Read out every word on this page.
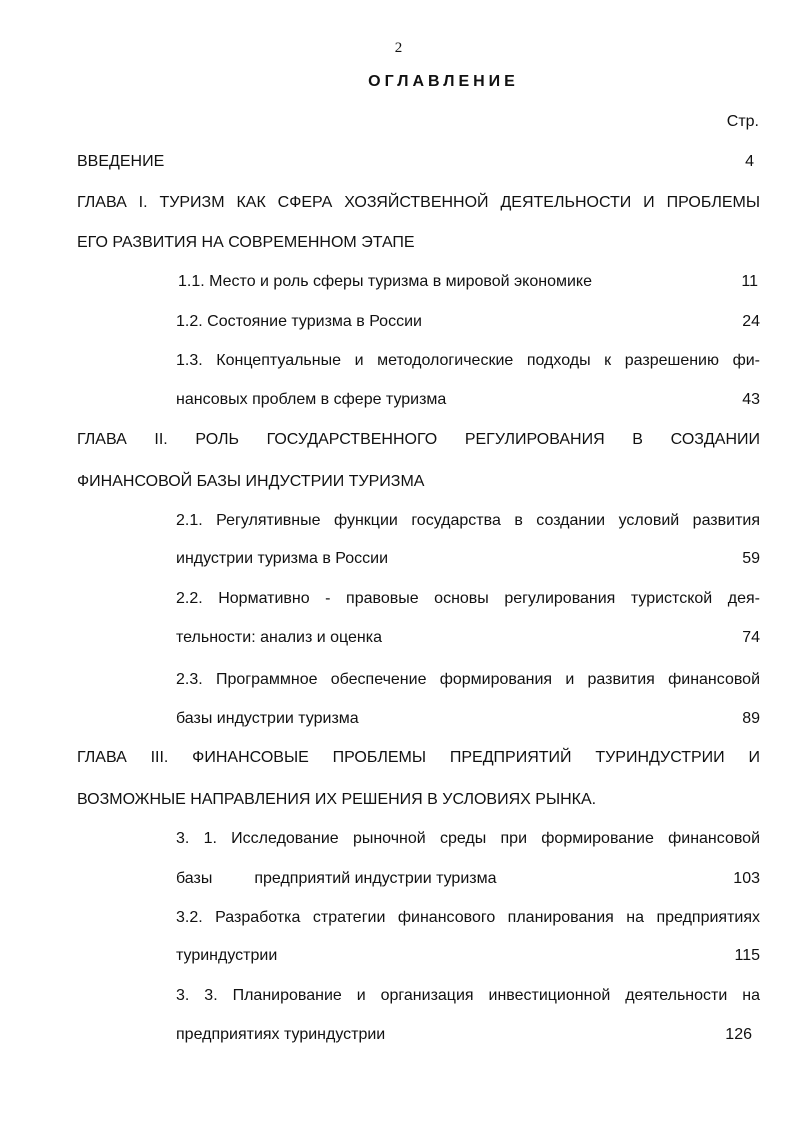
2
ОГЛАВЛЕНИЕ
Стр.
ВВЕДЕНИЕ	4
ГЛАВА I. ТУРИЗМ КАК СФЕРА ХОЗЯЙСТВЕННОЙ ДЕЯТЕЛЬНОСТИ И ПРОБЛЕМЫ
ЕГО РАЗВИТИЯ НА СОВРЕМЕННОМ ЭТАПЕ
1.1. Место и роль сферы туризма в мировой экономике	11
1.2. Состояние туризма в России	24
1.3. Концептуальные и методологические подходы к разрешению фи-
нансовых проблем в сфере туризма	43
ГЛАВА II. РОЛЬ ГОСУДАРСТВЕННОГО РЕГУЛИРОВАНИЯ В СОЗДАНИИ
ФИНАНСОВОЙ БАЗЫ ИНДУСТРИИ ТУРИЗМА
2.1. Регулятивные функции государства в создании условий развития
индустрии туризма в России	59
2.2. Нормативно - правовые основы регулирования туристской дея-
тельности: анализ и оценка	74
2.3. Программное обеспечение формирования и развития финансовой
базы индустрии туризма	89
ГЛАВА III. ФИНАНСОВЫЕ ПРОБЛЕМЫ ПРЕДПРИЯТИЙ ТУРИНДУСТРИИ И
ВОЗМОЖНЫЕ НАПРАВЛЕНИЯ ИХ РЕШЕНИЯ В УСЛОВИЯХ РЫНКА.
3. 1. Исследование рыночной среды при формирование финансовой
базы	предприятий индустрии туризма	103
3.2. Разработка стратегии финансового планирования на предприятиях
туриндустрии	115
3. 3. Планирование и организация инвестиционной деятельности на
предприятиях туриндустрии	126
